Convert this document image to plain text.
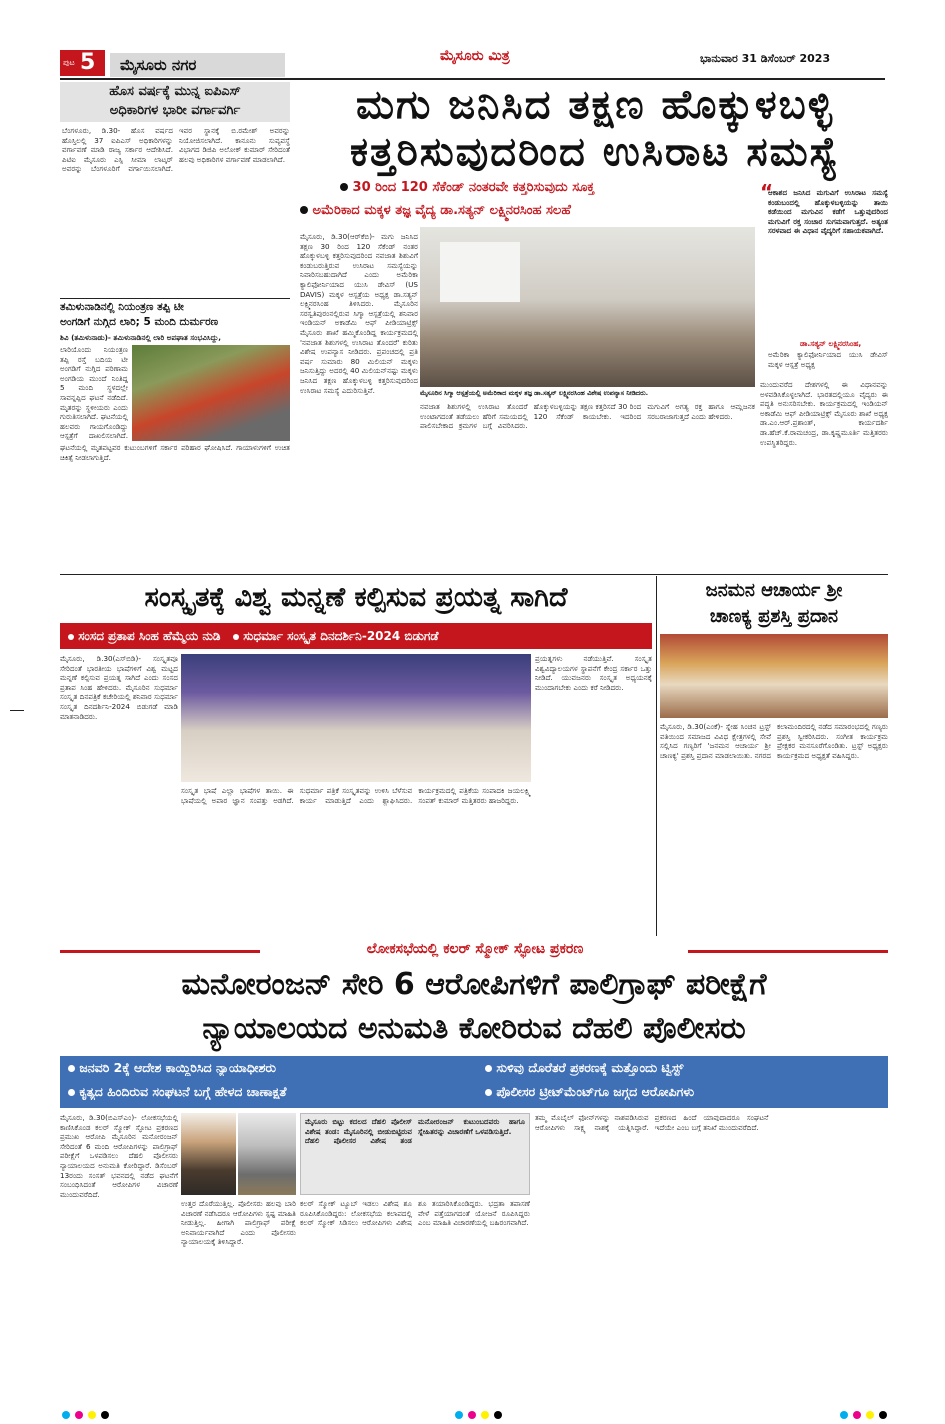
ಪುಟ 5	ಮೈಸೂರು ನಗರ	ಮೈಸೂರು ಮಿತ್ರ	ಭಾನುವಾರ 31 ಡಿಸೆಂಬರ್ 2023
ಹೊಸ ವರ್ಷಕ್ಕೆ ಮುನ್ನ ಐಪಿಎಸ್
ಅಧಿಕಾರಿಗಳ ಭಾರೀ ವರ್ಗಾವರ್ಗಿ
ಬೆಂಗಳೂರು, ಡಿ.30- ಹೊಸ ವರ್ಷದ ಹೊಸ್ತಿಲಲ್ಲಿ 37 ಐಪಿಎಸ್ ಅಧಿಕಾರಿಗಳನ್ನು ವರ್ಗಾವಣೆ ಮಾಡಿ ರಾಜ್ಯ ಸರ್ಕಾರ ಆದೇಶಿಸಿದೆ. ಪಿಟಿಐ ಮೈಸೂರು ಎಸ್ಪಿ ಸೀಮಾ ಲಾಟ್ಕರ್ ಅವರನ್ನು ಬೆಂಗಳೂರಿಗೆ ವರ್ಗಾಯಿಸಲಾಗಿದೆ. ಇವರ ಸ್ಥಾನಕ್ಕೆ ಬಿ.ರಮೇಶ್ ಅವರನ್ನು ನಿಯೋಜಿಸಲಾಗಿದೆ. ಕಾನೂನು ಸುವ್ಯವಸ್ಥೆ ವಿಭಾಗದ ಡಿಜಿಪಿ ಅಲೋಕ್ ಕುಮಾರ್ ಸೇರಿದಂತೆ ಹಲವು ಅಧಿಕಾರಿಗಳ ವರ್ಗಾವಣೆ ಮಾಡಲಾಗಿದೆ.
ತಮಿಳುನಾಡಿನಲ್ಲಿ ನಿಯಂತ್ರಣ ತಪ್ಪಿ ಟೀ
ಅಂಗಡಿಗೆ ನುಗ್ಗಿದ ಲಾರಿ; 5 ಮಂದಿ ದುರ್ಮರಣ
ಶಿವಿ (ತಮಿಳುನಾಡು)- ತಮಿಳುನಾಡಿನಲ್ಲಿ ಲಾರಿ ಅಪಘಾತ ಸಂಭವಿಸಿದ್ದು,
ಲಾರಿಯೊಂದು ನಿಯಂತ್ರಣ ತಪ್ಪಿ ರಸ್ತೆ ಬದಿಯ ಟೀ ಅಂಗಡಿಗೆ ನುಗ್ಗಿದ ಪರಿಣಾಮ ಅಂಗಡಿಯ ಮುಂದೆ ನಿಂತಿದ್ದ 5 ಮಂದಿ ಸ್ಥಳದಲ್ಲೇ ಸಾವನ್ನಪ್ಪಿದ ಘಟನೆ ನಡೆದಿದೆ. ಮೃತರನ್ನು ಸ್ಥಳೀಯರು ಎಂದು ಗುರುತಿಸಲಾಗಿದೆ. ಘಟನೆಯಲ್ಲಿ ಹಲವರು ಗಾಯಗೊಂಡಿದ್ದು ಆಸ್ಪತ್ರೆಗೆ ದಾಖಲಿಸಲಾಗಿದೆ.
ಘಟನೆಯಲ್ಲಿ ಮೃತಪಟ್ಟವರ ಕುಟುಂಬಗಳಿಗೆ ಸರ್ಕಾರ ಪರಿಹಾರ ಘೋಷಿಸಿದೆ. ಗಾಯಾಳುಗಳಿಗೆ ಉಚಿತ ಚಿಕಿತ್ಸೆ ನೀಡಲಾಗುತ್ತಿದೆ.
ಮಗು ಜನಿಸಿದ ತಕ್ಷಣ ಹೊಕ್ಕುಳಬಳ್ಳಿ
ಕತ್ತರಿಸುವುದರಿಂದ ಉಸಿರಾಟ ಸಮಸ್ಯೆ
30 ರಿಂದ 120 ಸೆಕೆಂಡ್ ನಂತರವೇ ಕತ್ತರಿಸುವುದು ಸೂಕ್ತ
ಅಮೆರಿಕಾದ ಮಕ್ಕಳ ತಜ್ಞ ವೈದ್ಯ ಡಾ.ಸತ್ಯನ್ ಲಕ್ಷ್ಮಿನರಸಿಂಹ ಸಲಹೆ
ಮೈಸೂರು, ಡಿ.30(ಆರ್‌ಕೆಬಿ)- ಮಗು ಜನಿಸಿದ ತಕ್ಷಣ 30 ರಿಂದ 120 ಸೆಕೆಂಡ್ ನಂತರ ಹೊಕ್ಕುಳಬಳ್ಳಿ ಕತ್ತರಿಸುವುದರಿಂದ ನವಜಾತ ಶಿಶುವಿಗೆ ಕಂಡುಬರುತ್ತಿರುವ ಉಸಿರಾಟ ಸಮಸ್ಯೆಯನ್ನು ನಿವಾರಿಸಬಹುದಾಗಿದೆ ಎಂದು ಅಮೆರಿಕಾ ಕ್ಯಾಲಿಫೋರ್ನಿಯಾದ ಯುಸಿ ಡೇವಿಸ್ (US DAVIS) ಮಕ್ಕಳ ಆಸ್ಪತ್ರೆಯ ಅಧ್ಯಕ್ಷ ಡಾ.ಸತ್ಯನ್ ಲಕ್ಷ್ಮಿನರಸಿಂಹ ತಿಳಿಸಿದರು. ಮೈಸೂರಿನ ಸರಸ್ವತಿಪುರಂನಲ್ಲಿರುವ ಸಿಗ್ಮಾ ಆಸ್ಪತ್ರೆಯಲ್ಲಿ ಶನಿವಾರ ಇಂಡಿಯನ್ ಅಕಾಡೆಮಿ ಆಫ್ ಪೀಡಿಯಾಟ್ರಿಕ್ಸ್ ಮೈಸೂರು ಶಾಖೆ ಹಮ್ಮಿಕೊಂಡಿದ್ದ ಕಾರ್ಯಕ್ರಮದಲ್ಲಿ 'ನವಜಾತ ಶಿಶುಗಳಲ್ಲಿ ಉಸಿರಾಟ ತೊಂದರೆ' ಕುರಿತು ವಿಶೇಷ ಉಪನ್ಯಾಸ ನೀಡಿದರು. ಪ್ರಪಂಚದಲ್ಲಿ ಪ್ರತಿ ವರ್ಷ ಸುಮಾರು 80 ಮಿಲಿಯನ್ ಮಕ್ಕಳು ಜನಿಸುತ್ತಿದ್ದು ಅದರಲ್ಲಿ 40 ಮಿಲಿಯನ್‌ನಷ್ಟು ಮಕ್ಕಳು ಜನಿಸಿದ ತಕ್ಷಣ ಹೊಕ್ಕುಳಬಳ್ಳಿ ಕತ್ತರಿಸುವುದರಿಂದ ಉಸಿರಾಟ ಸಮಸ್ಯೆ ಎದುರಿಸುತ್ತಿವೆ.	ಮೈಸೂರಿನ ಸಿಗ್ಮಾ ಆಸ್ಪತ್ರೆಯಲ್ಲಿ ಅಮೆರಿಕಾದ ಮಕ್ಕಳ ತಜ್ಞ ಡಾ.ಸತ್ಯನ್ ಲಕ್ಷ್ಮಿನರಸಿಂಹ ವಿಶೇಷ ಉಪನ್ಯಾಸ ನೀಡಿದರು.
ನವಜಾತ ಶಿಶುಗಳಲ್ಲಿ ಉಸಿರಾಟ ತೊಂದರೆ ಉಂಟಾಗದಂತೆ ತಡೆಯಲು ಹೆರಿಗೆ ಸಮಯದಲ್ಲಿ ಪಾಲಿಸಬೇಕಾದ ಕ್ರಮಗಳ ಬಗ್ಗೆ ವಿವರಿಸಿದರು. ಹೊಕ್ಕುಳಬಳ್ಳಿಯನ್ನು ತಕ್ಷಣ ಕತ್ತರಿಸದೆ 30 ರಿಂದ 120 ಸೆಕೆಂಡ್ ಕಾಯಬೇಕು. ಇದರಿಂದ ಮಗುವಿಗೆ ಅಗತ್ಯ ರಕ್ತ ಹಾಗೂ ಆಮ್ಲಜನಕ ಸರಬರಾಜಾಗುತ್ತದೆ ಎಂದು ಹೇಳಿದರು.
“
ಆಕಾಶದ ಜನಿಸಿದ ಮಗುವಿಗೆ ಉಸಿರಾಟ ಸಮಸ್ಯೆ ಕಂಡುಬಂದಲ್ಲಿ ಹೊಕ್ಕುಳಬಳ್ಳಿಯನ್ನು ತಾಯಿ ಕಡೆಯಿಂದ ಮಗುವಿನ ಕಡೆಗೆ ಒತ್ತುವುದರಿಂದ ಮಗುವಿಗೆ ರಕ್ತ ಸಂಚಾರ ಸುಗಮವಾಗುತ್ತದೆ. ಅತ್ಯಂತ ಸರಳವಾದ ಈ ವಿಧಾನ ವೈದ್ಯರಿಗೆ ಸಹಾಯಕವಾಗಿದೆ.
ಡಾ.ಸತ್ಯನ್ ಲಕ್ಷ್ಮಿನರಸಿಂಹ,
ಅಮೆರಿಕಾ ಕ್ಯಾಲಿಫೋರ್ನಿಯಾದ ಯುಸಿ ಡೇವಿಸ್ ಮಕ್ಕಳ ಆಸ್ಪತ್ರೆ ಅಧ್ಯಕ್ಷ
ಮುಂದುವರೆದ ದೇಶಗಳಲ್ಲಿ ಈ ವಿಧಾನವನ್ನು ಅಳವಡಿಸಿಕೊಳ್ಳಲಾಗಿದೆ. ಭಾರತದಲ್ಲಿಯೂ ವೈದ್ಯರು ಈ ಪದ್ಧತಿ ಅನುಸರಿಸಬೇಕು. ಕಾರ್ಯಕ್ರಮದಲ್ಲಿ ಇಂಡಿಯನ್ ಅಕಾಡೆಮಿ ಆಫ್ ಪೀಡಿಯಾಟ್ರಿಕ್ಸ್ ಮೈಸೂರು ಶಾಖೆ ಅಧ್ಯಕ್ಷ ಡಾ.ಎಂ.ಆರ್.ಪ್ರಶಾಂತ್, ಕಾರ್ಯದರ್ಶಿ ಡಾ.ಹೆಚ್.ಕೆ.ರಾಮಚಂದ್ರ, ಡಾ.ಕೃಷ್ಣಮೂರ್ತಿ ಮತ್ತಿತರರು ಉಪಸ್ಥಿತರಿದ್ದರು.
ಸಂಸ್ಕೃತಕ್ಕೆ ವಿಶ್ವ ಮನ್ನಣೆ ಕಲ್ಪಿಸುವ ಪ್ರಯತ್ನ ಸಾಗಿದೆ
ಸಂಸದ ಪ್ರತಾಪ ಸಿಂಹ ಹೆಮ್ಮೆಯ ನುಡಿ ಸುಧರ್ಮಾ ಸಂಸ್ಕೃತ ದಿನದರ್ಶಿನಿ-2024 ಬಿಡುಗಡೆ
ಮೈಸೂರು, ಡಿ.30(ಎಸ್‌ಬಿಡಿ)- ಸಂಸ್ಕೃತವೂ ಸೇರಿದಂತೆ ಭಾರತೀಯ ಭಾಷೆಗಳಿಗೆ ವಿಶ್ವ ಮಟ್ಟದ ಮನ್ನಣೆ ಕಲ್ಪಿಸುವ ಪ್ರಯತ್ನ ಸಾಗಿದೆ ಎಂದು ಸಂಸದ ಪ್ರತಾಪ ಸಿಂಹ ಹೇಳಿದರು. ಮೈಸೂರಿನ ಸುಧರ್ಮಾ ಸಂಸ್ಕೃತ ದಿನಪತ್ರಿಕೆ ಕಚೇರಿಯಲ್ಲಿ ಶನಿವಾರ ಸುಧರ್ಮಾ ಸಂಸ್ಕೃತ ದಿನದರ್ಶಿನಿ-2024 ಬಿಡುಗಡೆ ಮಾಡಿ ಮಾತನಾಡಿದರು.
ಸಂಸ್ಕೃತ ಭಾಷೆ ಎಲ್ಲಾ ಭಾಷೆಗಳ ತಾಯಿ. ಈ ಭಾಷೆಯಲ್ಲಿ ಅಪಾರ ಜ್ಞಾನ ಸಂಪತ್ತು ಅಡಗಿದೆ. ಸುಧರ್ಮಾ ಪತ್ರಿಕೆ ಸಂಸ್ಕೃತವನ್ನು ಉಳಿಸಿ ಬೆಳೆಸುವ ಕಾರ್ಯ ಮಾಡುತ್ತಿದೆ ಎಂದು ಶ್ಲಾಘಿಸಿದರು. ಕಾರ್ಯಕ್ರಮದಲ್ಲಿ ಪತ್ರಿಕೆಯ ಸಂಪಾದಕಿ ಜಯಲಕ್ಷ್ಮಿ ಸಂಪತ್ ಕುಮಾರ್ ಮತ್ತಿತರರು ಹಾಜರಿದ್ದರು.
ಪ್ರಯತ್ನಗಳು ನಡೆಯುತ್ತಿವೆ. ಸಂಸ್ಕೃತ ವಿಶ್ವವಿದ್ಯಾಲಯಗಳ ಸ್ಥಾಪನೆಗೆ ಕೇಂದ್ರ ಸರ್ಕಾರ ಒತ್ತು ನೀಡಿದೆ. ಯುವಜನರು ಸಂಸ್ಕೃತ ಅಧ್ಯಯನಕ್ಕೆ ಮುಂದಾಗಬೇಕು ಎಂದು ಕರೆ ನೀಡಿದರು.
ಜನಮನ ಆಚಾರ್ಯ ಶ್ರೀ
ಚಾಣಕ್ಯ ಪ್ರಶಸ್ತಿ ಪ್ರದಾನ
ಮೈಸೂರು, ಡಿ.30(ಎಂಕೆ)- ಸ್ನೇಹ ಸಿಂಚನ ಟ್ರಸ್ಟ್ ವತಿಯಿಂದ ಸಮಾಜದ ವಿವಿಧ ಕ್ಷೇತ್ರಗಳಲ್ಲಿ ಸೇವೆ ಸಲ್ಲಿಸಿದ ಗಣ್ಯರಿಗೆ 'ಜನಮನ ಆಚಾರ್ಯ ಶ್ರೀ ಚಾಣಕ್ಯ' ಪ್ರಶಸ್ತಿ ಪ್ರದಾನ ಮಾಡಲಾಯಿತು. ನಗರದ ಕಲಾಮಂದಿರದಲ್ಲಿ ನಡೆದ ಸಮಾರಂಭದಲ್ಲಿ ಗಣ್ಯರು ಪ್ರಶಸ್ತಿ ಸ್ವೀಕರಿಸಿದರು. ಸಂಗೀತ ಕಾರ್ಯಕ್ರಮ ಪ್ರೇಕ್ಷಕರ ಮನಸೂರೆಗೊಂಡಿತು. ಟ್ರಸ್ಟ್ ಅಧ್ಯಕ್ಷರು ಕಾರ್ಯಕ್ರಮದ ಅಧ್ಯಕ್ಷತೆ ವಹಿಸಿದ್ದರು.
ಲೋಕಸಭೆಯಲ್ಲಿ ಕಲರ್ ಸ್ಮೋಕ್ ಸ್ಫೋಟ ಪ್ರಕರಣ
ಮನೋರಂಜನ್ ಸೇರಿ 6 ಆರೋಪಿಗಳಿಗೆ ಪಾಲಿಗ್ರಾಫ್ ಪರೀಕ್ಷೆಗೆ
ನ್ಯಾಯಾಲಯದ ಅನುಮತಿ ಕೋರಿರುವ ದೆಹಲಿ ಪೊಲೀಸರು
ಜನವರಿ 2ಕ್ಕೆ ಆದೇಶ ಕಾಯ್ದಿರಿಸಿದ ನ್ಯಾಯಾಧೀಶರು	ಸುಳಿವು ದೊರೆತರೆ ಪ್ರಕರಣಕ್ಕೆ ಮತ್ತೊಂದು ಟ್ವಿಸ್ಟ್
ಕೃತ್ಯದ ಹಿಂದಿರುವ ಸಂಘಟನೆ ಬಗ್ಗೆ ಹೇಳದ ಚಾಣಾಕ್ಷತೆ	ಪೊಲೀಸರ ಟ್ರೀಟ್‌ಮೆಂಟ್‌ಗೂ ಜಗ್ಗದ ಆರೋಪಿಗಳು
ಮೈಸೂರು, ಡಿ.30(ಬಿಎಸ್‌ಎಂ)- ಲೋಕಸಭೆಯಲ್ಲಿ ಕಾಣಿಸಿಕೊಂಡ ಕಲರ್ ಸ್ಮೋಕ್ ಸ್ಫೋಟ ಪ್ರಕರಣದ ಪ್ರಮುಖ ಆರೋಪಿ ಮೈಸೂರಿನ ಮನೋರಂಜನ್ ಸೇರಿದಂತೆ 6 ಮಂದಿ ಆರೋಪಿಗಳನ್ನು ಪಾಲಿಗ್ರಾಫ್ ಪರೀಕ್ಷೆಗೆ ಒಳಪಡಿಸಲು ದೆಹಲಿ ಪೊಲೀಸರು ನ್ಯಾಯಾಲಯದ ಅನುಮತಿ ಕೋರಿದ್ದಾರೆ. ಡಿಸೆಂಬರ್ 13ರಂದು ಸಂಸತ್ ಭವನದಲ್ಲಿ ನಡೆದ ಘಟನೆಗೆ ಸಂಬಂಧಿಸಿದಂತೆ ಆರೋಪಿಗಳ ವಿಚಾರಣೆ ಮುಂದುವರೆದಿದೆ.
ಉತ್ತರ ದೊರೆಯುತ್ತಿಲ್ಲ. ಪೊಲೀಸರು ಹಲವು ಬಾರಿ ವಿಚಾರಣೆ ನಡೆಸಿದರೂ ಆರೋಪಿಗಳು ಸ್ಪಷ್ಟ ಮಾಹಿತಿ ನೀಡುತ್ತಿಲ್ಲ. ಹೀಗಾಗಿ ಪಾಲಿಗ್ರಾಫ್ ಪರೀಕ್ಷೆ ಅನಿವಾರ್ಯವಾಗಿದೆ ಎಂದು ಪೊಲೀಸರು ನ್ಯಾಯಾಲಯಕ್ಕೆ ತಿಳಿಸಿದ್ದಾರೆ.
ಮೈಸೂರು ಬಿಟ್ಟು ಕದಲದ ದೆಹಲಿ ಪೊಲೀಸ್ ವಿಶೇಷ ತಂಡ: ಮೈಸೂರಿನಲ್ಲಿ ಬೀಡುಬಿಟ್ಟಿರುವ ದೆಹಲಿ ಪೊಲೀಸರ ವಿಶೇಷ ತಂಡ ಮನೋರಂಜನ್ ಕುಟುಂಬದವರು ಹಾಗೂ ಸ್ನೇಹಿತರನ್ನು ವಿಚಾರಣೆಗೆ ಒಳಪಡಿಸುತ್ತಿದೆ.
ಕಲರ್ ಸ್ಮೋಕ್ ಟ್ಯೂಬ್ ಇಡಲು ವಿಶೇಷ ಶೂ ರೂಪಿಸಿಕೊಂಡಿದ್ದರು: ಲೋಕಸಭೆಯ ಕಲಾಪದಲ್ಲಿ ಕಲರ್ ಸ್ಮೋಕ್ ಸಿಡಿಸಲು ಆರೋಪಿಗಳು ವಿಶೇಷ ಶೂ ತಯಾರಿಸಿಕೊಂಡಿದ್ದರು. ಭದ್ರತಾ ತಪಾಸಣೆ ವೇಳೆ ಪತ್ತೆಯಾಗದಂತೆ ಯೋಜನೆ ರೂಪಿಸಿದ್ದರು ಎಂಬ ಮಾಹಿತಿ ವಿಚಾರಣೆಯಲ್ಲಿ ಬಹಿರಂಗವಾಗಿದೆ.
ತಮ್ಮ ಮೊಬೈಲ್ ಫೋನ್‌ಗಳನ್ನು ನಾಶಪಡಿಸಿರುವ ಆರೋಪಿಗಳು ಸಾಕ್ಷ್ಯ ನಾಶಕ್ಕೆ ಯತ್ನಿಸಿದ್ದಾರೆ. ಪ್ರಕರಣದ ಹಿಂದೆ ಯಾವುದಾದರೂ ಸಂಘಟನೆ ಇದೆಯೇ ಎಂಬ ಬಗ್ಗೆ ತನಿಖೆ ಮುಂದುವರೆದಿದೆ.
